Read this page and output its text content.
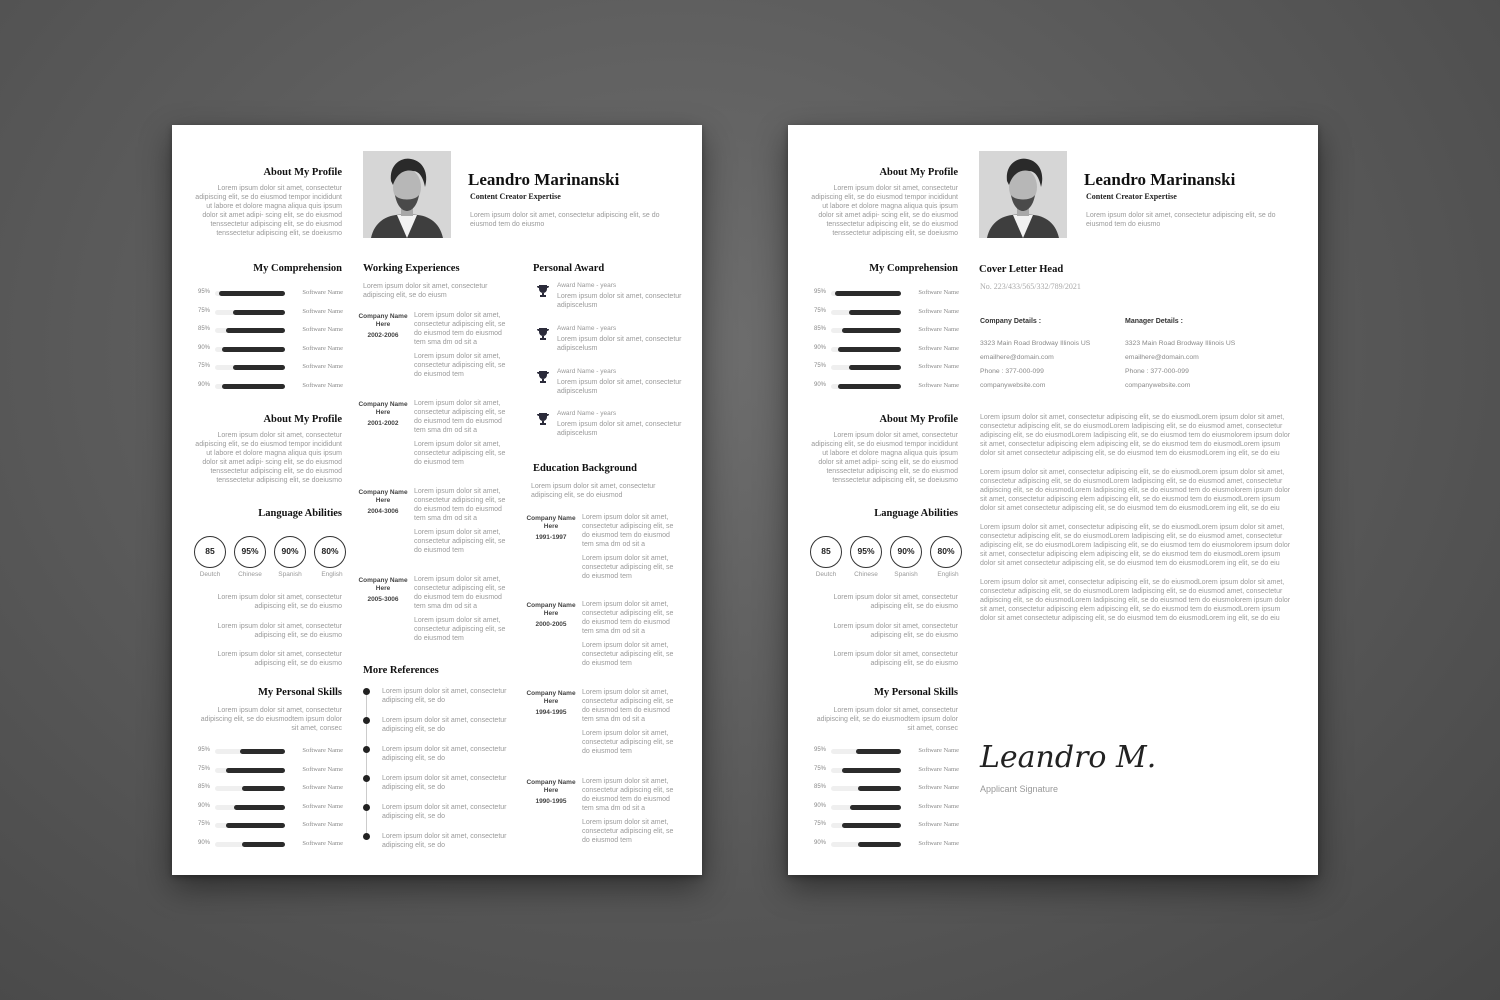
About My Profile
Lorem ipsum dolor sit amet, consectetur adipiscing elit, se do eiusmod tempor incididunt ut labore et dolore magna aliqua quis ipsum dolor sit amet adipi- scing elit, se do eiusmod tenssectetur adipiscing elit, se do eiusmod tenssectetur adipiscing elit, se doeiusmo
Leandro Marinanski
Content Creator Expertise
Lorem ipsum dolor sit amet, consectetur adipiscing elit, se do eiusmod tem do eiusmo
My Comprehension
About My Profile
Lorem ipsum dolor sit amet, consectetur adipiscing elit, se do eiusmod tempor incididunt ut labore et dolore magna aliqua quis ipsum dolor sit amet adipi- scing elit, se do eiusmod tenssectetur adipiscing elit, se do eiusmod tenssectetur adipiscing elit, se doeiusmo
Language Abilities
85	95%	90%	80%
Deutch	Chinese	Spanish	English
Lorem ipsum dolor sit amet, consectetur adipiscing elit, se do eiusmo
Lorem ipsum dolor sit amet, consectetur adipiscing elit, se do eiusmo
Lorem ipsum dolor sit amet, consectetur adipiscing elit, se do eiusmo
My Personal Skills
Lorem ipsum dolor sit amet, consectetur adipiscing elit, se do eiusmodtem ipsum dolor sit amet, consec
Working Experiences
Lorem ipsum dolor sit amet, consectetur adipiscing elit, se do eiusm
Company Name Here
2002-2006

Lorem ipsum dolor sit amet, consectetur adipiscing elit, se do eiusmod tem do eiusmod tem sma dm od sit a

Lorem ipsum dolor sit amet, consectetur adipiscing elit, se do eiusmod tem

Company Name Here
2001-2002

Lorem ipsum dolor sit amet, consectetur adipiscing elit, se do eiusmod tem do eiusmod tem sma dm od sit a

Lorem ipsum dolor sit amet, consectetur adipiscing elit, se do eiusmod tem

Company Name Here
2004-3006

Lorem ipsum dolor sit amet, consectetur adipiscing elit, se do eiusmod tem do eiusmod tem sma dm od sit a

Lorem ipsum dolor sit amet, consectetur adipiscing elit, se do eiusmod tem

Company Name Here
2005-3006

Lorem ipsum dolor sit amet, consectetur adipiscing elit, se do eiusmod tem do eiusmod tem sma dm od sit a

Lorem ipsum dolor sit amet, consectetur adipiscing elit, se do eiusmod tem

More References
Lorem ipsum dolor sit amet, consectetur adipiscing elit, se do
Lorem ipsum dolor sit amet, consectetur adipiscing elit, se do
Lorem ipsum dolor sit amet, consectetur adipiscing elit, se do
Lorem ipsum dolor sit amet, consectetur adipiscing elit, se do
Lorem ipsum dolor sit amet, consectetur adipiscing elit, se do
Lorem ipsum dolor sit amet, consectetur adipiscing elit, se do
Personal Award
Award Name - years
Lorem ipsum dolor sit amet, consectetur adipiscelusm
Award Name - years
Lorem ipsum dolor sit amet, consectetur adipiscelusm
Award Name - years
Lorem ipsum dolor sit amet, consectetur adipiscelusm
Award Name - years
Lorem ipsum dolor sit amet, consectetur adipiscelusm
Education Background
Lorem ipsum dolor sit amet, consectetur adipiscing elit, se do eiusmod
Company Name Here
1991-1997

Lorem ipsum dolor sit amet, consectetur adipiscing elit, se do eiusmod tem do eiusmod tem sma dm od sit a

Lorem ipsum dolor sit amet, consectetur adipiscing elit, se do eiusmod tem

Company Name Here
2000-2005

Lorem ipsum dolor sit amet, consectetur adipiscing elit, se do eiusmod tem do eiusmod tem sma dm od sit a

Lorem ipsum dolor sit amet, consectetur adipiscing elit, se do eiusmod tem

Company Name Here
1994-1995

Lorem ipsum dolor sit amet, consectetur adipiscing elit, se do eiusmod tem do eiusmod tem sma dm od sit a

Lorem ipsum dolor sit amet, consectetur adipiscing elit, se do eiusmod tem

Company Name Here
1990-1995

Lorem ipsum dolor sit amet, consectetur adipiscing elit, se do eiusmod tem do eiusmod tem sma dm od sit a

Lorem ipsum dolor sit amet, consectetur adipiscing elit, se do eiusmod tem

95%	Software Name
75%	Software Name
85%	Software Name
90%	Software Name
75%	Software Name
90%	Software Name
95%	Software Name
75%	Software Name
85%	Software Name
90%	Software Name
75%	Software Name
90%	Software Name
About My Profile
Lorem ipsum dolor sit amet, consectetur adipiscing elit, se do eiusmod tempor incididunt ut labore et dolore magna aliqua quis ipsum dolor sit amet adipi- scing elit, se do eiusmod tenssectetur adipiscing elit, se do eiusmod tenssectetur adipiscing elit, se doeiusmo
Leandro Marinanski
Content Creator Expertise
Lorem ipsum dolor sit amet, consectetur adipiscing elit, se do eiusmod tem do eiusmo
My Comprehension
About My Profile
Lorem ipsum dolor sit amet, consectetur adipiscing elit, se do eiusmod tempor incididunt ut labore et dolore magna aliqua quis ipsum dolor sit amet adipi- scing elit, se do eiusmod tenssectetur adipiscing elit, se do eiusmod tenssectetur adipiscing elit, se doeiusmo
Language Abilities
85	95%	90%	80%
Deutch	Chinese	Spanish	English
Lorem ipsum dolor sit amet, consectetur adipiscing elit, se do eiusmo
Lorem ipsum dolor sit amet, consectetur adipiscing elit, se do eiusmo
Lorem ipsum dolor sit amet, consectetur adipiscing elit, se do eiusmo
My Personal Skills
Lorem ipsum dolor sit amet, consectetur adipiscing elit, se do eiusmodtem ipsum dolor sit amet, consec
Cover Letter Head
No. 223/433/565/332/789/2021
Company Details :
3323 Main Road Brodway Illinois US
emailhere@domain.com
Phone : 377-000-099
companywebsite.com
Manager Details :
3323 Main Road Brodway Illinois US
emailhere@domain.com
Phone : 377-000-099
companywebsite.com

Lorem ipsum dolor sit amet, consectetur adipiscing elit, se do eiusmodLorem ipsum dolor sit amet, consectetur adipiscing elit, se do eiusmodLorem Iadipiscing elit, se do eiusmod amet, consectetur adipiscing elit, se do eiusmodLorem Iadipiscing elit, se do eiusmod tem do eiusmolorem ipsum dolor sit amet, consectetur adipiscing elem adipiscing elit, se do eiusmod tem do eiusmodLorem ipsum dolor sit amet consectetur adipiscing elit, se do eiusmod tem do eiusmodLorem ing elit, se do eiu

Lorem ipsum dolor sit amet, consectetur adipiscing elit, se do eiusmodLorem ipsum dolor sit amet, consectetur adipiscing elit, se do eiusmodLorem Iadipiscing elit, se do eiusmod amet, consectetur adipiscing elit, se do eiusmodLorem Iadipiscing elit, se do eiusmod tem do eiusmolorem ipsum dolor sit amet, consectetur adipiscing elem adipiscing elit, se do eiusmod tem do eiusmodLorem ipsum dolor sit amet consectetur adipiscing elit, se do eiusmod tem do eiusmodLorem ing elit, se do eiu

Lorem ipsum dolor sit amet, consectetur adipiscing elit, se do eiusmodLorem ipsum dolor sit amet, consectetur adipiscing elit, se do eiusmodLorem Iadipiscing elit, se do eiusmod amet, consectetur adipiscing elit, se do eiusmodLorem Iadipiscing elit, se do eiusmod tem do eiusmolorem ipsum dolor sit amet, consectetur adipiscing elem adipiscing elit, se do eiusmod tem do eiusmodLorem ipsum dolor sit amet consectetur adipiscing elit, se do eiusmod tem do eiusmodLorem ing elit, se do eiu

Lorem ipsum dolor sit amet, consectetur adipiscing elit, se do eiusmodLorem ipsum dolor sit amet, consectetur adipiscing elit, se do eiusmodLorem Iadipiscing elit, se do eiusmod amet, consectetur adipiscing elit, se do eiusmodLorem Iadipiscing elit, se do eiusmod tem do eiusmolorem ipsum dolor sit amet, consectetur adipiscing elem adipiscing elit, se do eiusmod tem do eiusmodLorem ipsum dolor sit amet consectetur adipiscing elit, se do eiusmod tem do eiusmodLorem ing elit, se do eiu

Leandro M.
Applicant Signature
95%	Software Name
75%	Software Name
85%	Software Name
90%	Software Name
75%	Software Name
90%	Software Name
95%	Software Name
75%	Software Name
85%	Software Name
90%	Software Name
75%	Software Name
90%	Software Name
